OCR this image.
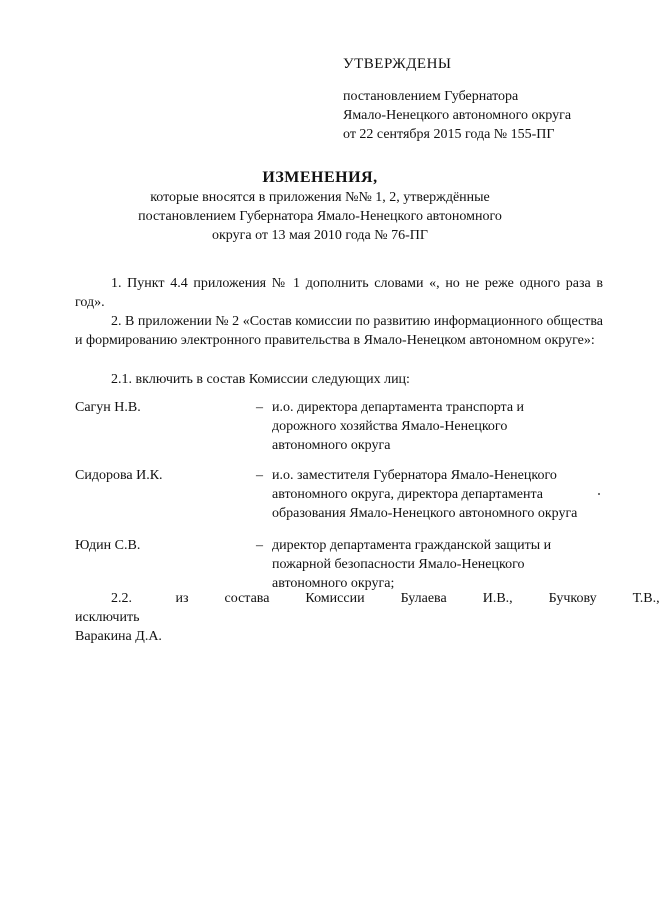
УТВЕРЖДЕНЫ
постановлением Губернатора
Ямало-Ненецкого автономного округа
от 22 сентября 2015 года № 155-ПГ
ИЗМЕНЕНИЯ,
которые вносятся в приложения №№ 1, 2, утверждённые
постановлением Губернатора Ямало-Ненецкого автономного
округа от 13 мая 2010 года № 76-ПГ
1. Пункт 4.4 приложения № 1 дополнить словами «, но не реже одного раза в год».
2. В приложении № 2 «Состав комиссии по развитию информационного общества и формированию электронного правительства в Ямало-Ненецком автономном округе»:
2.1. включить в состав Комиссии следующих лиц:
Сагун Н.В.	– и.о. директора департамента транспорта и
дорожного хозяйства Ямало-Ненецкого
автономного округа
Сидорова И.К.	– и.о. заместителя Губернатора Ямало-Ненецкого
автономного округа, директора департамента
образования Ямало-Ненецкого автономного округа
Юдин С.В.	– директор департамента гражданской защиты и
пожарной безопасности Ямало-Ненецкого
автономного округа;
2.2. исключить
из	состава	Комиссии	Булаева	И.В.,	Бучкову	Т.В.,
Варакина Д.А.
